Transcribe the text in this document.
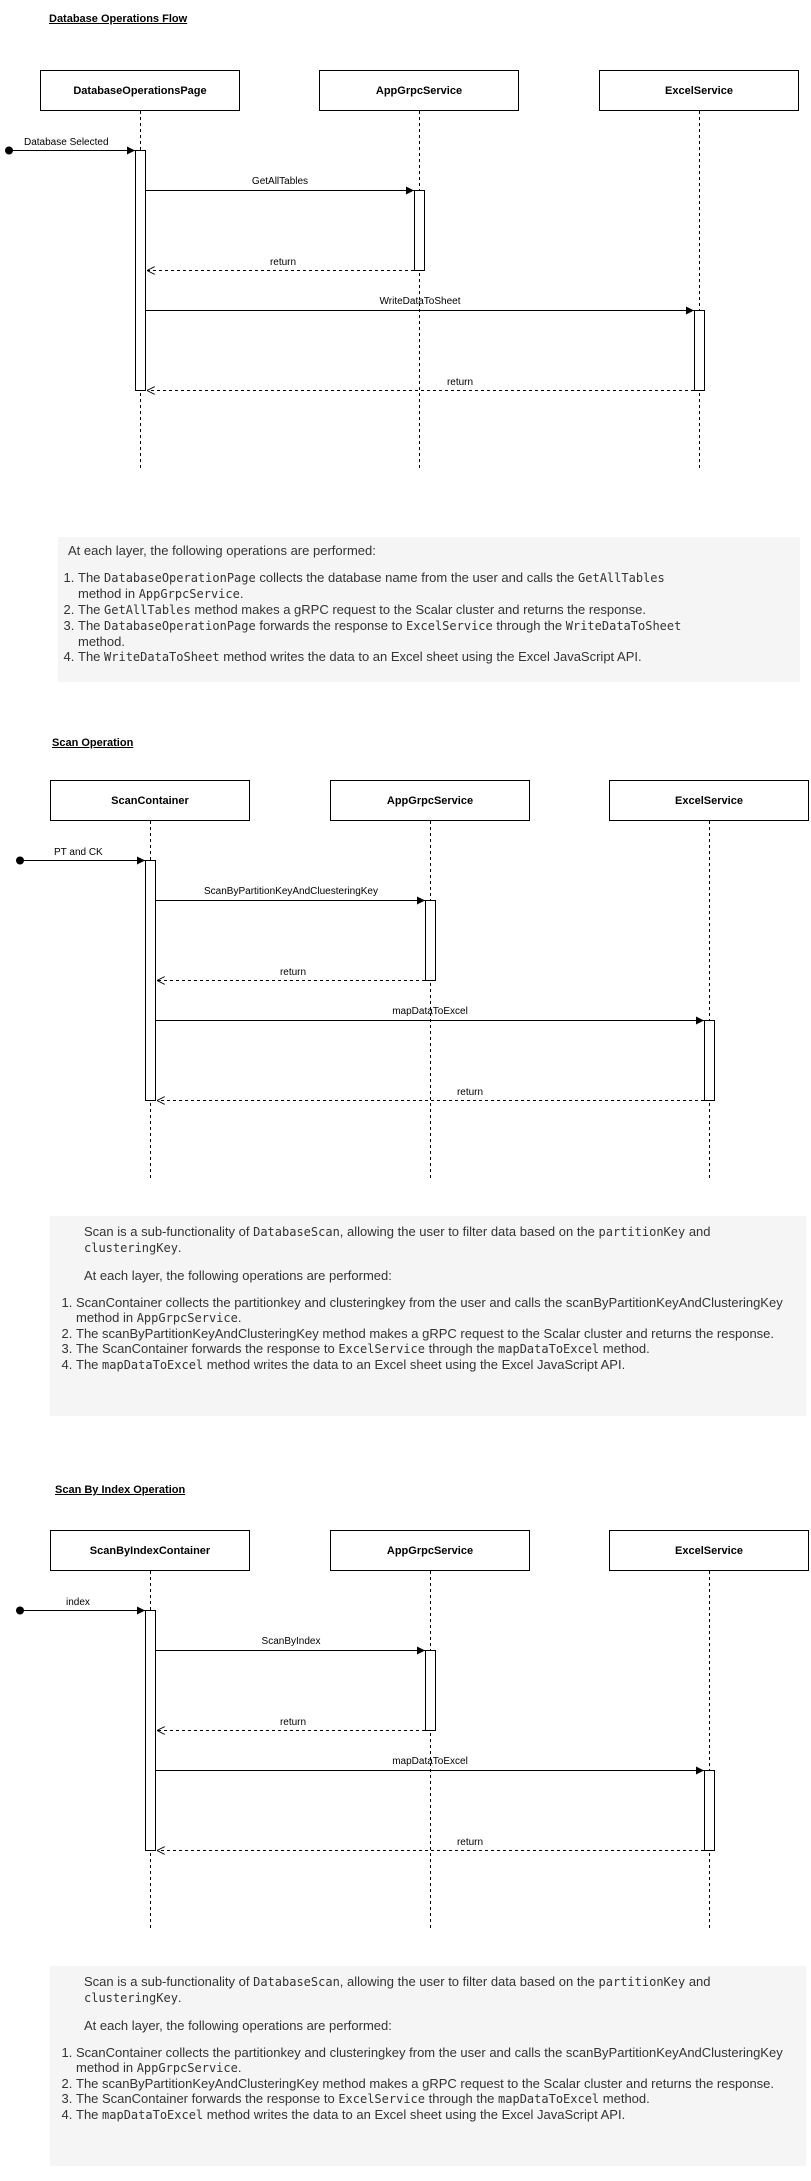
Database Operations Flow
DatabaseOperationsPage	AppGrpcService	ExcelService
Database Selected
GetAllTables
return
WriteDataToSheet
return

At each layer, the following operations are performed:

1. The DatabaseOperationPage collects the database name from the user and calls the GetAllTables
method in AppGrpcService.
2. The GetAllTables method makes a gRPC request to the Scalar cluster and returns the response.
3. The DatabaseOperationPage forwards the response to ExcelService through the WriteDataToSheet
method.
4. The WriteDataToSheet method writes the data to an Excel sheet using the Excel JavaScript API.
Scan Operation
ScanContainer	AppGrpcService	ExcelService
PT and CK
ScanByPartitionKeyAndCluesteringKey
return
mapDataToExcel
return

Scan is a sub-functionality of DatabaseScan, allowing the user to filter data based on the partitionKey and clusteringKey.

At each layer, the following operations are performed:

1. ScanContainer collects the partitionkey and clusteringkey from the user and calls the scanByPartitionKeyAndClusteringKey method in AppGrpcService.
2. The scanByPartitionKeyAndClusteringKey method makes a gRPC request to the Scalar cluster and returns the response.
3. The ScanContainer forwards the response to ExcelService through the mapDataToExcel method.
4. The mapDataToExcel method writes the data to an Excel sheet using the Excel JavaScript API.
Scan By Index Operation
ScanByIndexContainer	AppGrpcService	ExcelService
index
ScanByIndex
return
mapDataToExcel
return

Scan is a sub-functionality of DatabaseScan, allowing the user to filter data based on the partitionKey and clusteringKey.

At each layer, the following operations are performed:

1. ScanContainer collects the partitionkey and clusteringkey from the user and calls the scanByPartitionKeyAndClusteringKey method in AppGrpcService.
2. The scanByPartitionKeyAndClusteringKey method makes a gRPC request to the Scalar cluster and returns the response.
3. The ScanContainer forwards the response to ExcelService through the mapDataToExcel method.
4. The mapDataToExcel method writes the data to an Excel sheet using the Excel JavaScript API.
